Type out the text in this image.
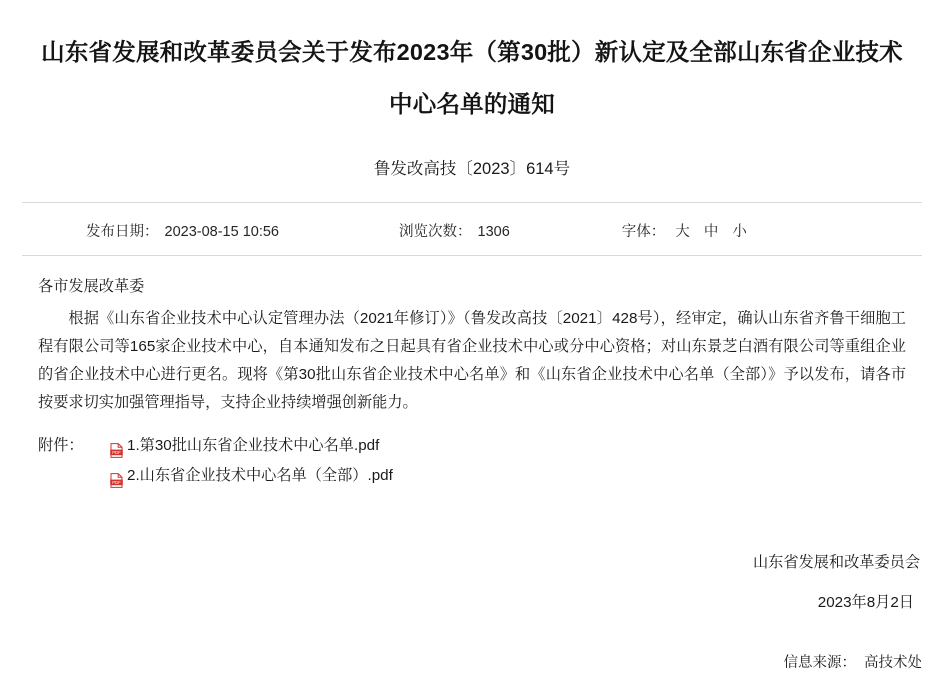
山东省发展和改革委员会关于发布2023年（第30批）新认定及全部山东省企业技术中心名单的通知
鲁发改高技〔2023〕614号
发布日期： 2023-08-15 10:56	浏览次数： 1306	字体： 大 中 小

各市发展改革委

根据《山东省企业技术中心认定管理办法（2021年修订）》（鲁发改高技〔2021〕428号），经审定，确认山东省齐鲁干细胞工程有限公司等165家企业技术中心，自本通知发布之日起具有省企业技术中心或分中心资格；对山东景芝白酒有限公司等重组企业的省企业技术中心进行更名。现将《第30批山东省企业技术中心名单》和《山东省企业技术中心名单（全部）》予以发布，请各市按要求切实加强管理指导，支持企业持续增强创新能力。

附件：	PDF 1.第30批山东省企业技术中心名单.pdf
PDF 2.山东省企业技术中心名单（全部）.pdf
山东省发展和改革委员会
2023年8月2日
信息来源： 高技术处
